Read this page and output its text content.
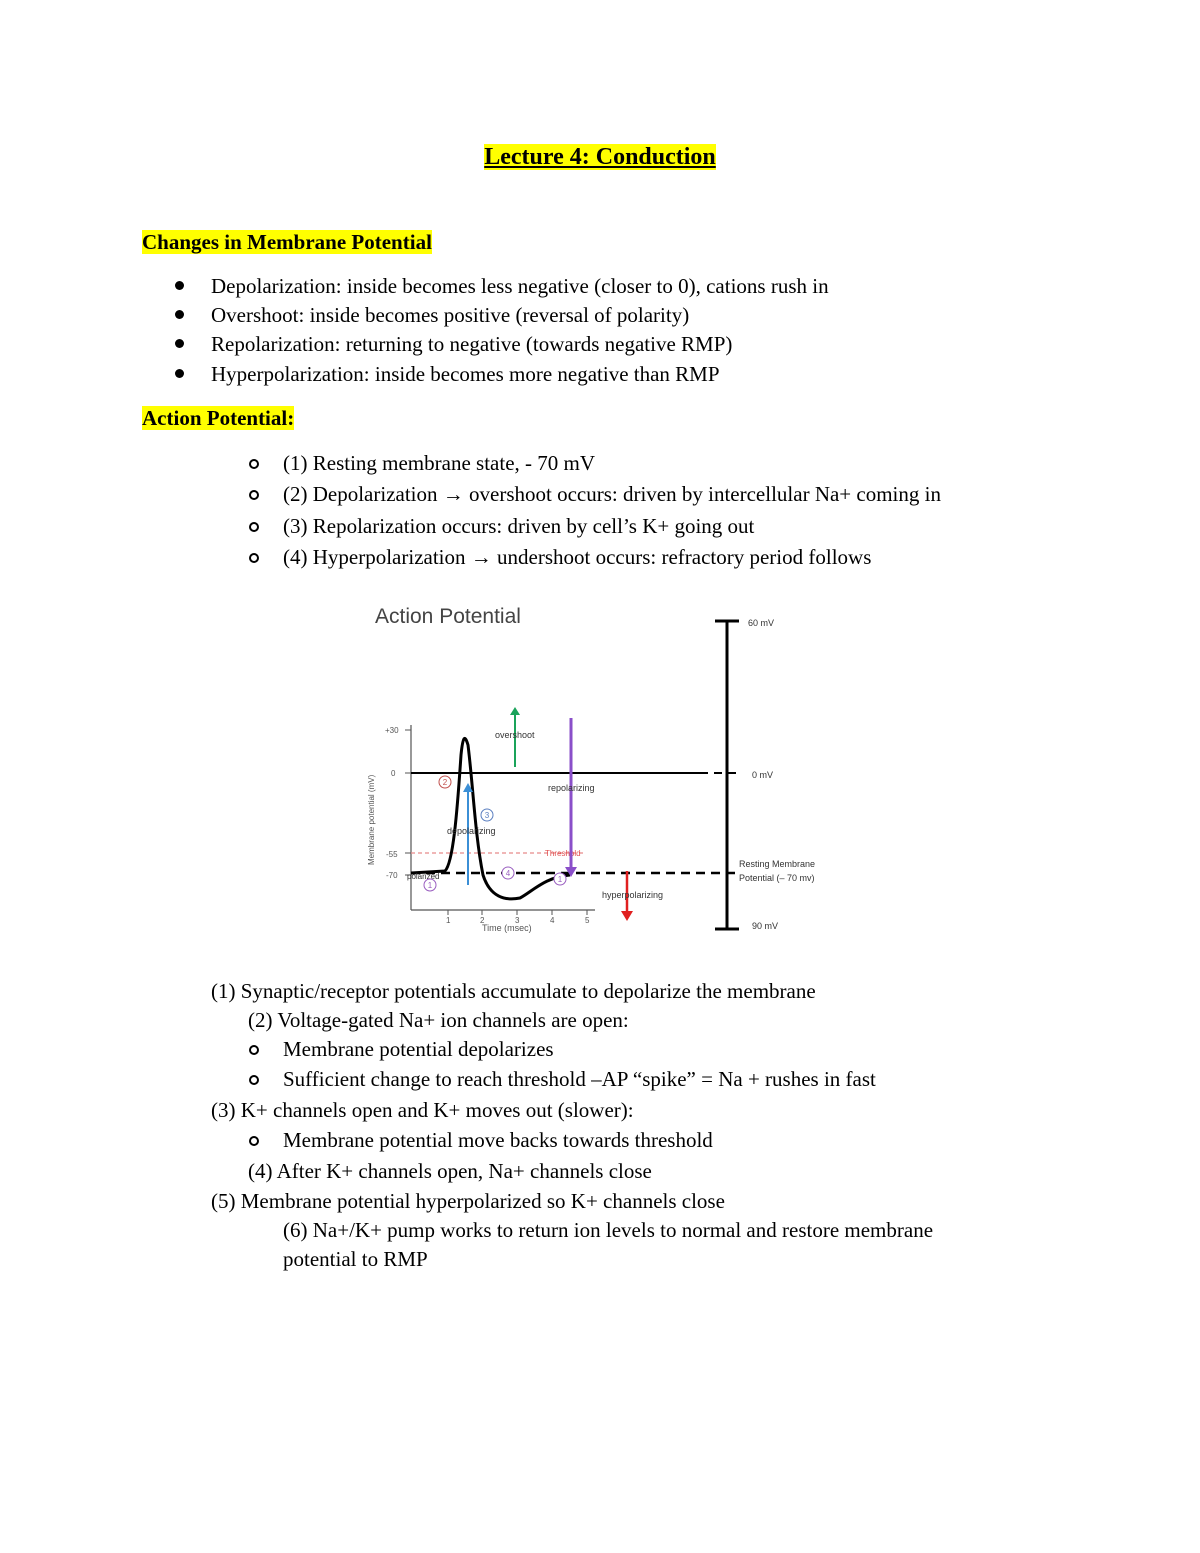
Lecture 4: Conduction
Changes in Membrane Potential
Depolarization: inside becomes less negative (closer to 0), cations rush in
Overshoot: inside becomes positive (reversal of polarity)
Repolarization: returning to negative (towards negative RMP)
Hyperpolarization: inside becomes more negative than RMP
Action Potential:
(1) Resting membrane state, - 70 mV
(2) Depolarization → overshoot occurs: driven by intercellular Na+ coming in
(3) Repolarization occurs: driven by cell’s K+ going out
(4) Hyperpolarization → undershoot occurs: refractory period follows
Action Potential
+30
0
-55
-70
1	2	3	4	5
Time (msec)
Membrane potential (mV)	Threshold
overshoot
repolarizing
depolarizing
polarized
hyperpolarizing
1
2
3
4
1
60 mV
0 mV
90 mV
Resting Membrane
Potential (– 70 mv)
(1) Synaptic/receptor potentials accumulate to depolarize the membrane
(2) Voltage-gated Na+ ion channels are open:
Membrane potential depolarizes
Sufficient change to reach threshold –AP “spike” = Na + rushes in fast
(3) K+ channels open and K+ moves out (slower):
Membrane potential move backs towards threshold
(4) After K+ channels open, Na+ channels close
(5) Membrane potential hyperpolarized so K+ channels close
(6) Na+/K+ pump works to return ion levels to normal and restore membrane
potential to RMP
